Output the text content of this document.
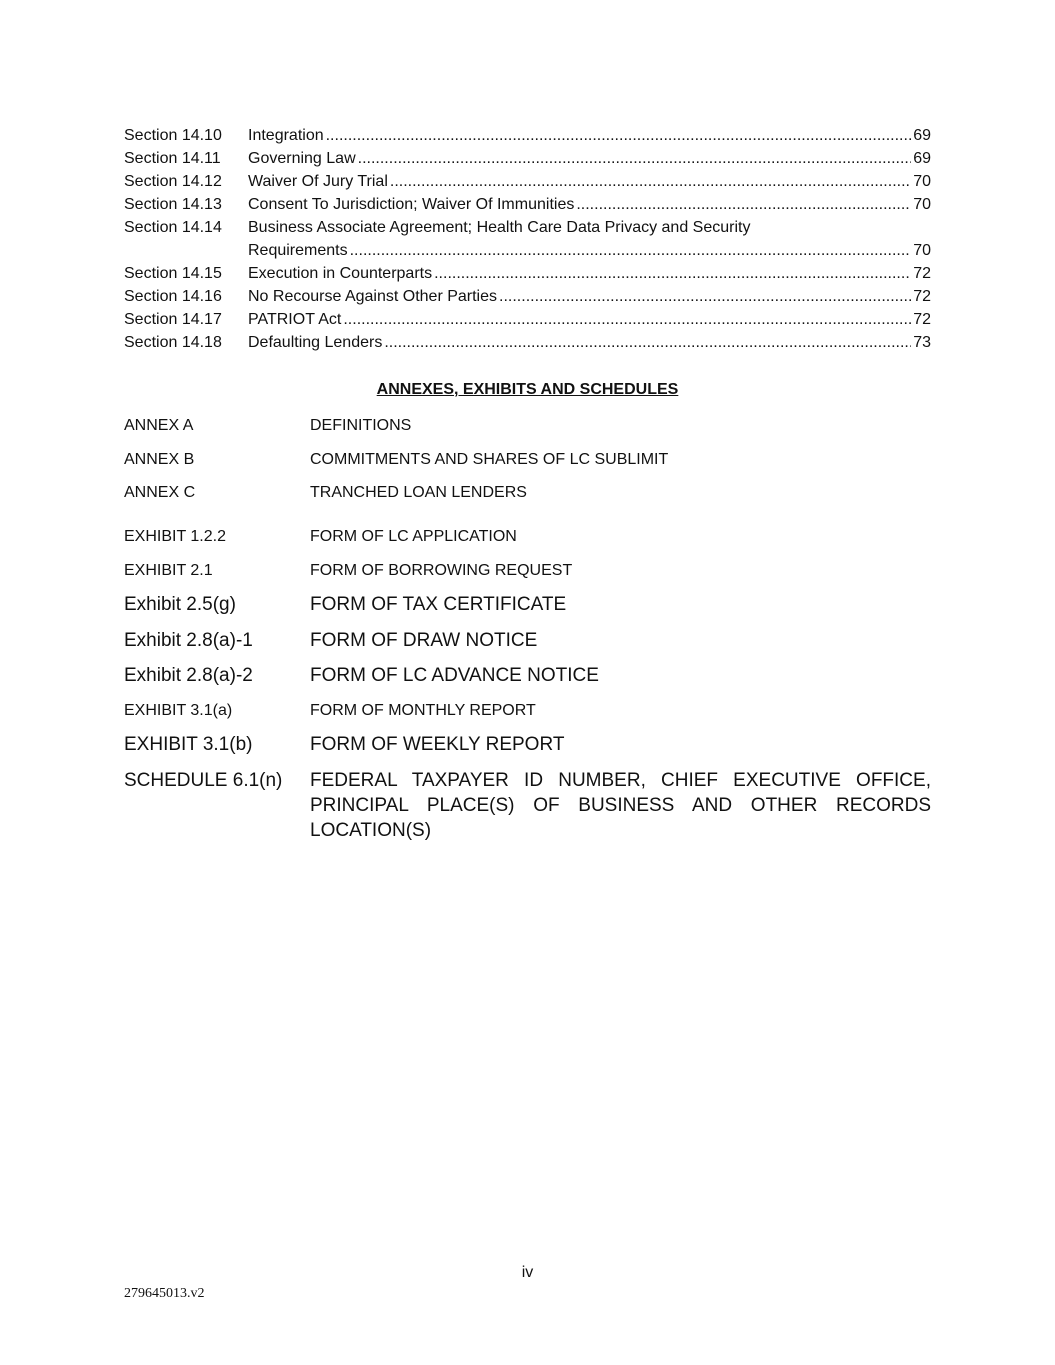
Section 14.10	Integration .....	69
Section 14.11	Governing Law .....	69
Section 14.12	Waiver Of Jury Trial .....	70
Section 14.13	Consent To Jurisdiction; Waiver Of Immunities .....	70
Section 14.14	Business Associate Agreement; Health Care Data Privacy and Security
Requirements .....	70
Section 14.15	Execution in Counterparts .....	72
Section 14.16	No Recourse Against Other Parties .....	72
Section 14.17	PATRIOT Act .....	72
Section 14.18	Defaulting Lenders .....	73
ANNEXES, EXHIBITS AND SCHEDULES
ANNEX A	DEFINITIONS
ANNEX B	COMMITMENTS AND SHARES OF LC SUBLIMIT
ANNEX C	TRANCHED LOAN LENDERS
EXHIBIT 1.2.2	FORM OF LC APPLICATION
EXHIBIT 2.1	FORM OF BORROWING REQUEST
Exhibit 2.5(g)	FORM OF TAX CERTIFICATE
Exhibit 2.8(a)-1	FORM OF DRAW NOTICE
Exhibit 2.8(a)-2	FORM OF LC ADVANCE NOTICE
EXHIBIT 3.1(a)	FORM OF MONTHLY REPORT
EXHIBIT 3.1(b)	FORM OF WEEKLY REPORT
SCHEDULE 6.1(n)	FEDERAL TAXPAYER ID NUMBER, CHIEF EXECUTIVE OFFICE, PRINCIPAL PLACE(S) OF BUSINESS AND OTHER RECORDS LOCATION(S)
iv
279645013.v2
